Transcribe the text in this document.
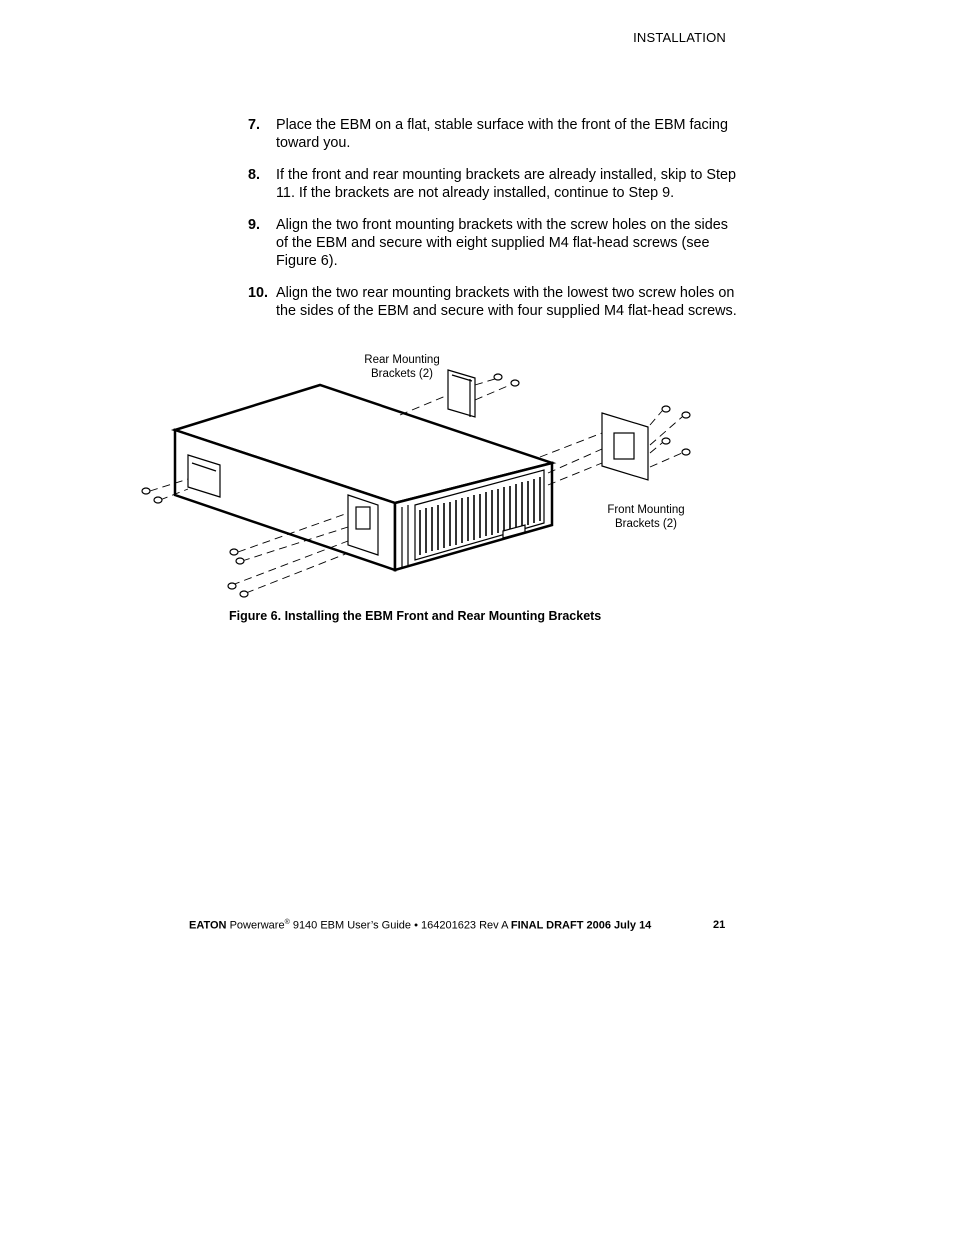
INSTALLATION
7. Place the EBM on a flat, stable surface with the front of the EBM facing toward you.
8. If the front and rear mounting brackets are already installed, skip to Step 11. If the brackets are not already installed, continue to Step 9.
9. Align the two front mounting brackets with the screw holes on the sides of the EBM and secure with eight supplied M4 flat-head screws (see Figure 6).
10. Align the two rear mounting brackets with the lowest two screw holes on the sides of the EBM and secure with four supplied M4 flat-head screws.
Rear Mounting
Brackets (2)
Front Mounting
Brackets (2)
Figure 6. Installing the EBM Front and Rear Mounting Brackets
EATON Powerware® 9140 EBM User’s Guide • 164201623 Rev A FINAL DRAFT 2006 July 14	21
